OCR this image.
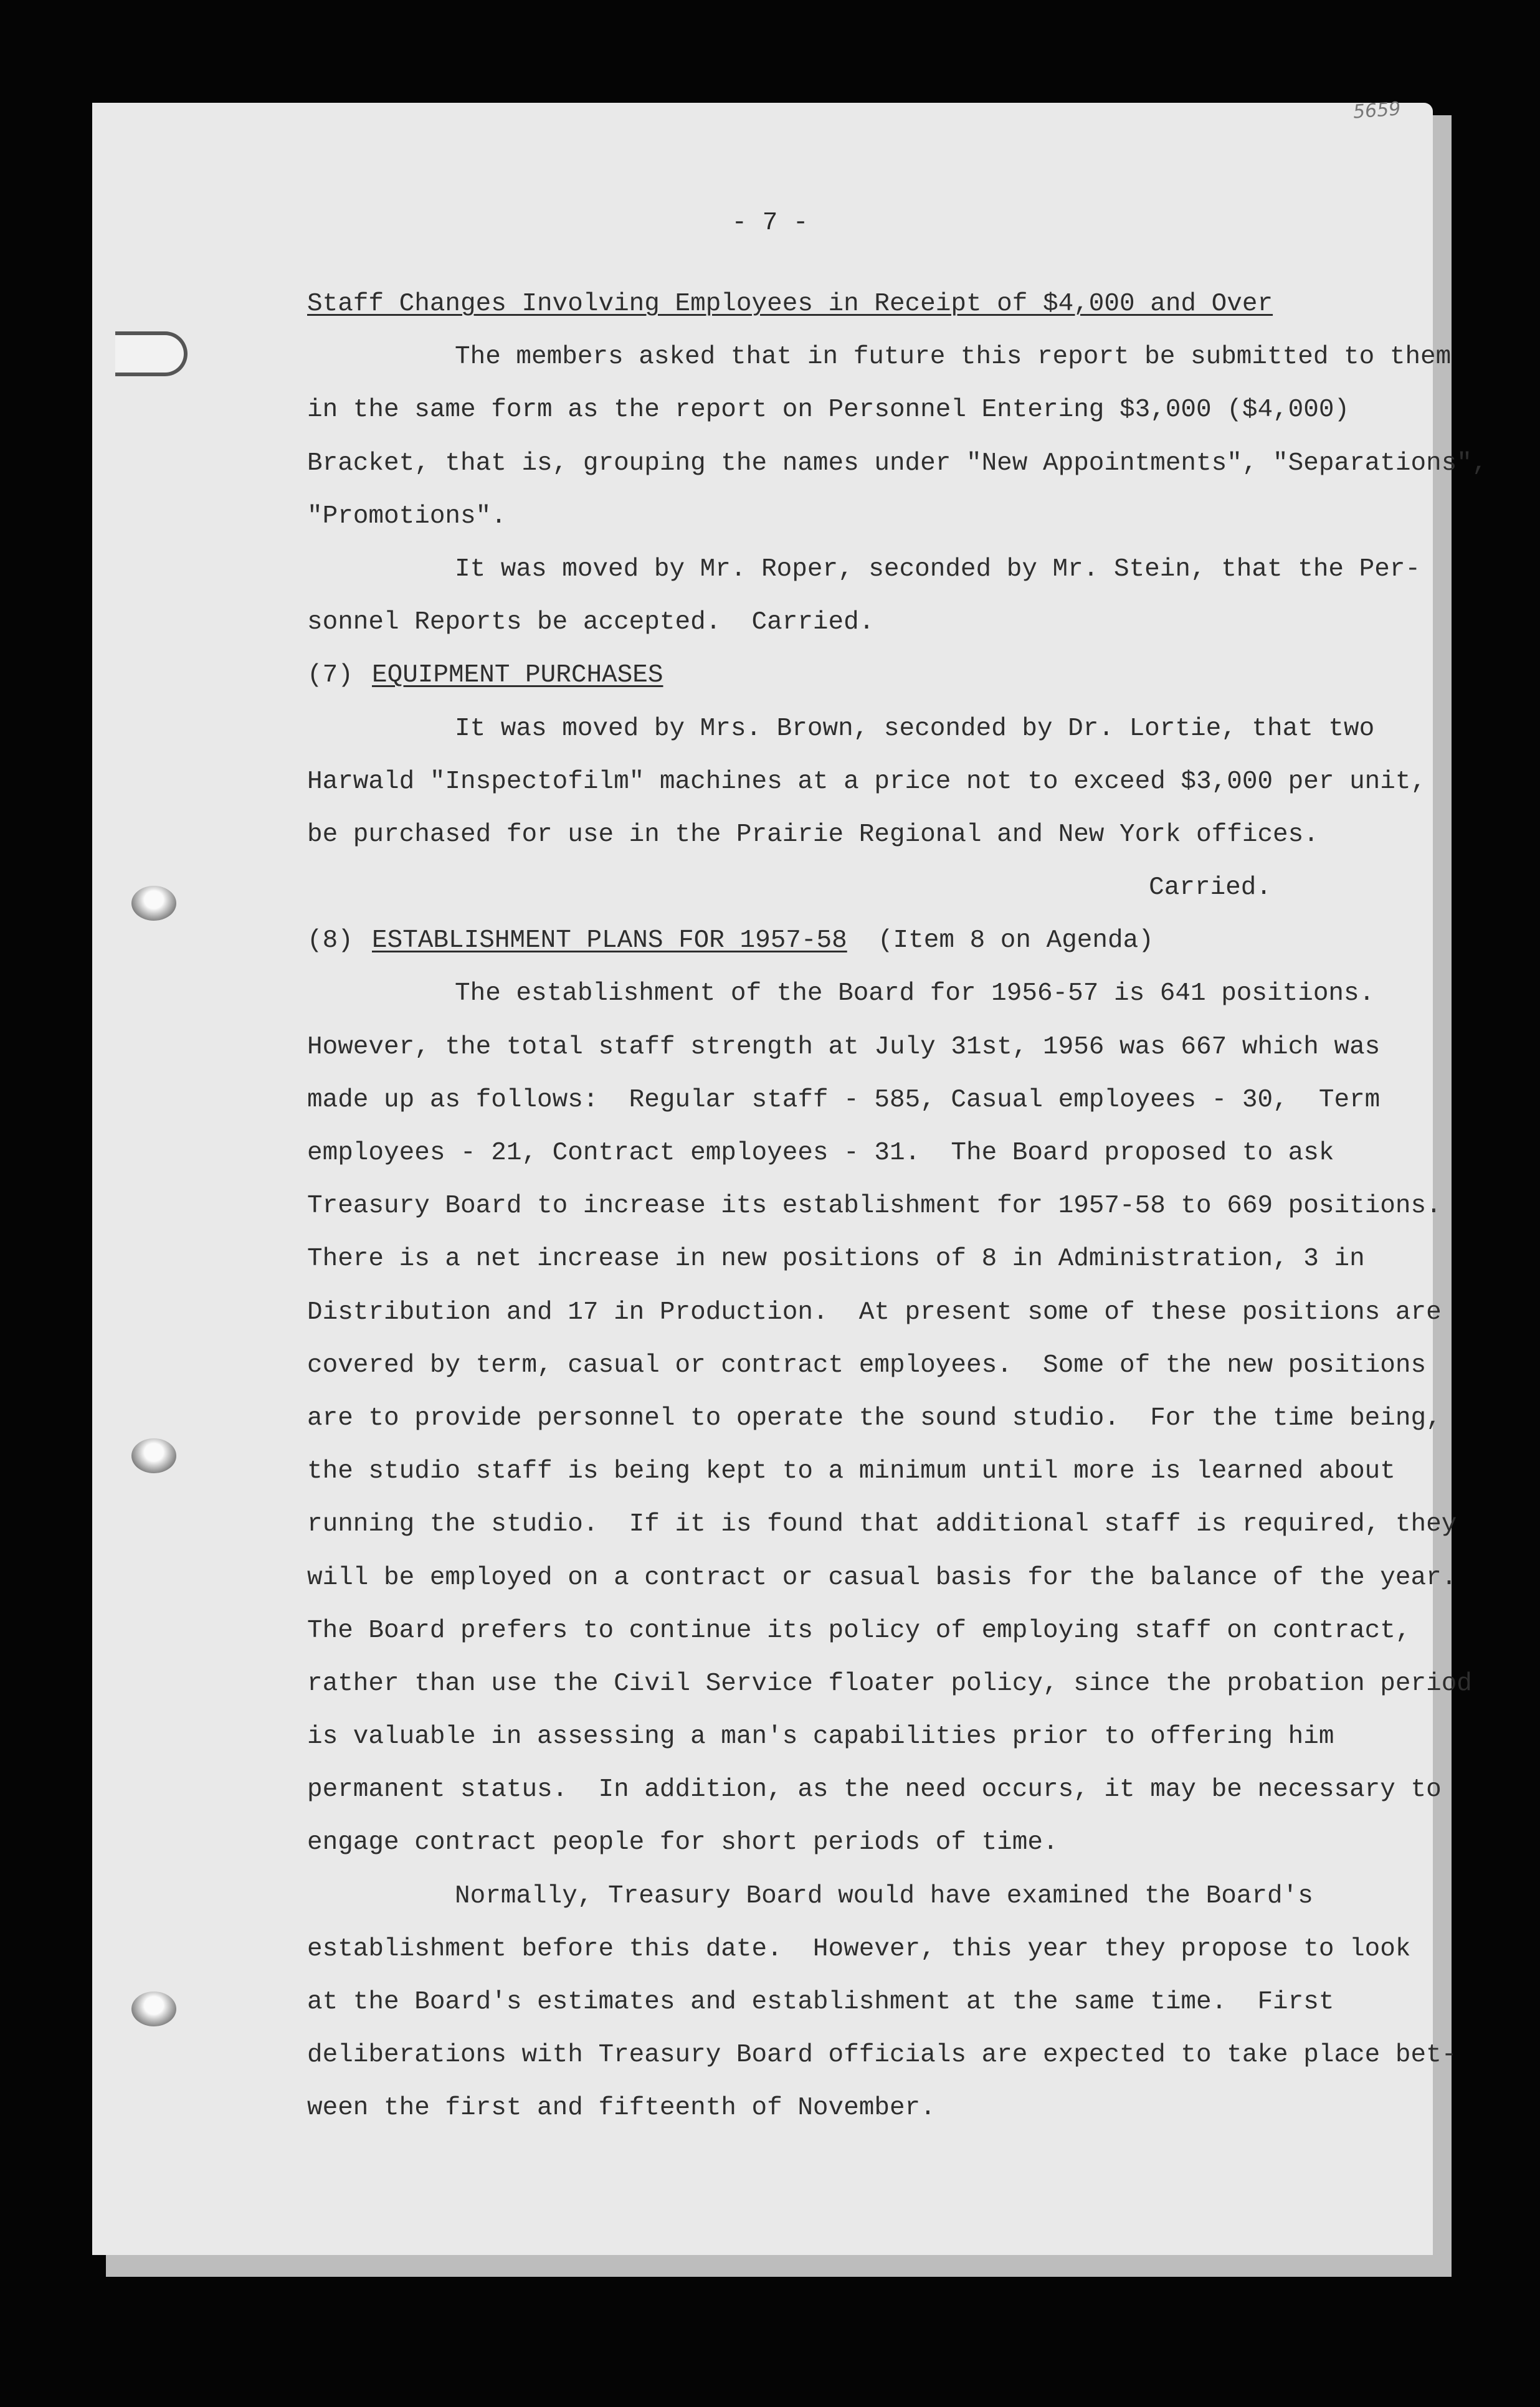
5659
- 7 -
Staff Changes Involving Employees in Receipt of $4,000 and Over
The members asked that in future this report be submitted to them
in the same form as the report on Personnel Entering $3,000 ($4,000)
Bracket, that is, grouping the names under "New Appointments", "Separations",
"Promotions".
It was moved by Mr. Roper, seconded by Mr. Stein, that the Per-
sonnel Reports be accepted.  Carried.
(7) EQUIPMENT PURCHASES
It was moved by Mrs. Brown, seconded by Dr. Lortie, that two
Harwald "Inspectofilm" machines at a price not to exceed $3,000 per unit,
be purchased for use in the Prairie Regional and New York offices.
Carried.
(8) ESTABLISHMENT PLANS FOR 1957-58 (Item 8 on Agenda)
The establishment of the Board for 1956-57 is 641 positions.
However, the total staff strength at July 31st, 1956 was 667 which was
made up as follows:  Regular staff - 585, Casual employees - 30,  Term
employees - 21, Contract employees - 31.  The Board proposed to ask
Treasury Board to increase its establishment for 1957-58 to 669 positions.
There is a net increase in new positions of 8 in Administration, 3 in
Distribution and 17 in Production.  At present some of these positions are
covered by term, casual or contract employees.  Some of the new positions
are to provide personnel to operate the sound studio.  For the time being,
the studio staff is being kept to a minimum until more is learned about
running the studio.  If it is found that additional staff is required, they
will be employed on a contract or casual basis for the balance of the year.
The Board prefers to continue its policy of employing staff on contract,
rather than use the Civil Service floater policy, since the probation period
is valuable in assessing a man's capabilities prior to offering him
permanent status.  In addition, as the need occurs, it may be necessary to
engage contract people for short periods of time.
Normally, Treasury Board would have examined the Board's
establishment before this date.  However, this year they propose to look
at the Board's estimates and establishment at the same time.  First
deliberations with Treasury Board officials are expected to take place bet-
ween the first and fifteenth of November.
